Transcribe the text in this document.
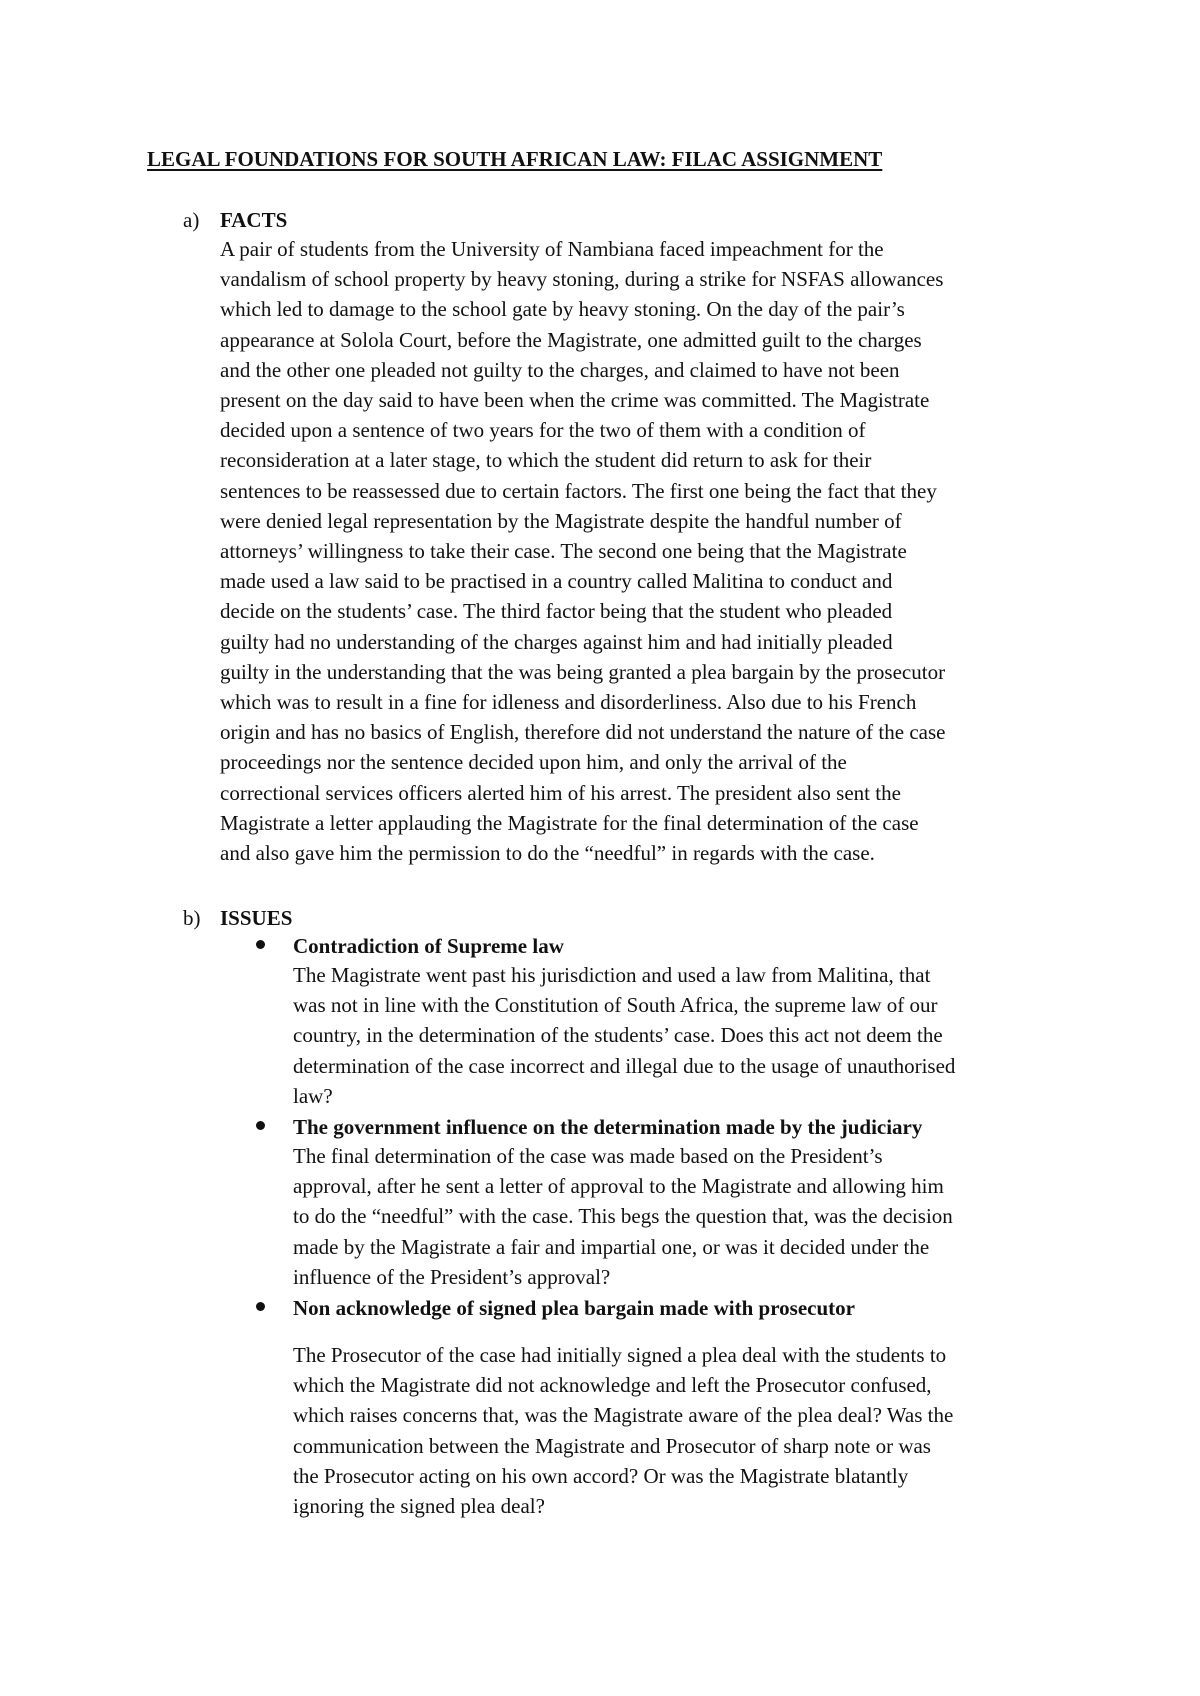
LEGAL FOUNDATIONS FOR SOUTH AFRICAN LAW: FILAC ASSIGNMENT
a) FACTS
A pair of students from the University of Nambiana faced impeachment for the
vandalism of school property by heavy stoning, during a strike for NSFAS allowances
which led to damage to the school gate by heavy stoning. On the day of the pair’s
appearance at Solola Court, before the Magistrate, one admitted guilt to the charges
and the other one pleaded not guilty to the charges, and claimed to have not been
present on the day said to have been when the crime was committed. The Magistrate
decided upon a sentence of two years for the two of them with a condition of
reconsideration at a later stage, to which the student did return to ask for their
sentences to be reassessed due to certain factors. The first one being the fact that they
were denied legal representation by the Magistrate despite the handful number of
attorneys’ willingness to take their case. The second one being that the Magistrate
made used a law said to be practised in a country called Malitina to conduct and
decide on the students’ case. The third factor being that the student who pleaded
guilty had no understanding of the charges against him and had initially pleaded
guilty in the understanding that the was being granted a plea bargain by the prosecutor
which was to result in a fine for idleness and disorderliness. Also due to his French
origin and has no basics of English, therefore did not understand the nature of the case
proceedings nor the sentence decided upon him, and only the arrival of the
correctional services officers alerted him of his arrest. The president also sent the
Magistrate a letter applauding the Magistrate for the final determination of the case
and also gave him the permission to do the “needful” in regards with the case.
b) ISSUES
Contradiction of Supreme law
The Magistrate went past his jurisdiction and used a law from Malitina, that
was not in line with the Constitution of South Africa, the supreme law of our
country, in the determination of the students’ case. Does this act not deem the
determination of the case incorrect and illegal due to the usage of unauthorised
law?
The government influence on the determination made by the judiciary
The final determination of the case was made based on the President’s
approval, after he sent a letter of approval to the Magistrate and allowing him
to do the “needful” with the case. This begs the question that, was the decision
made by the Magistrate a fair and impartial one, or was it decided under the
influence of the President’s approval?
Non acknowledge of signed plea bargain made with prosecutor
The Prosecutor of the case had initially signed a plea deal with the students to
which the Magistrate did not acknowledge and left the Prosecutor confused,
which raises concerns that, was the Magistrate aware of the plea deal? Was the
communication between the Magistrate and Prosecutor of sharp note or was
the Prosecutor acting on his own accord? Or was the Magistrate blatantly
ignoring the signed plea deal?
